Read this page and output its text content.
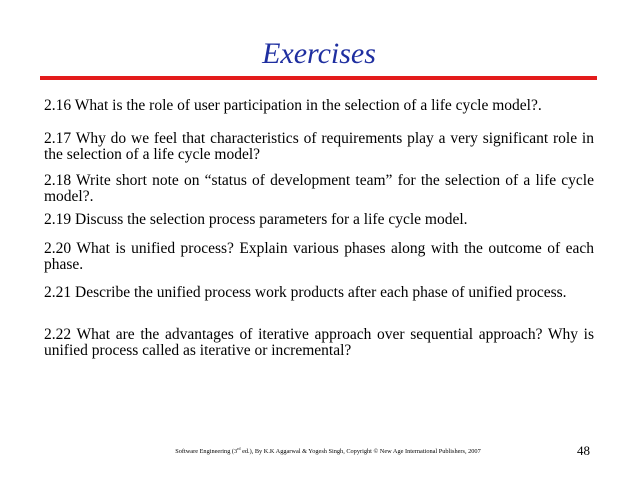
Exercises
2.16 What is the role of user participation in the selection of a life cycle model?.
2.17 Why do we feel that characteristics of requirements play a very significant role in the selection of a life cycle model?
2.18 Write short note on “status of development team” for the selection of a life cycle model?.
2.19 Discuss the selection process parameters for a life cycle model.
2.20 What is unified process? Explain various phases along with the outcome of each phase.
2.21 Describe the unified process work products after each phase of unified process.
2.22 What are the advantages of iterative approach over sequential approach? Why is unified process called as iterative or incremental?
Software Engineering (3rd ed.), By K.K Aggarwal & Yogesh Singh, Copyright © New Age International Publishers, 2007	48
